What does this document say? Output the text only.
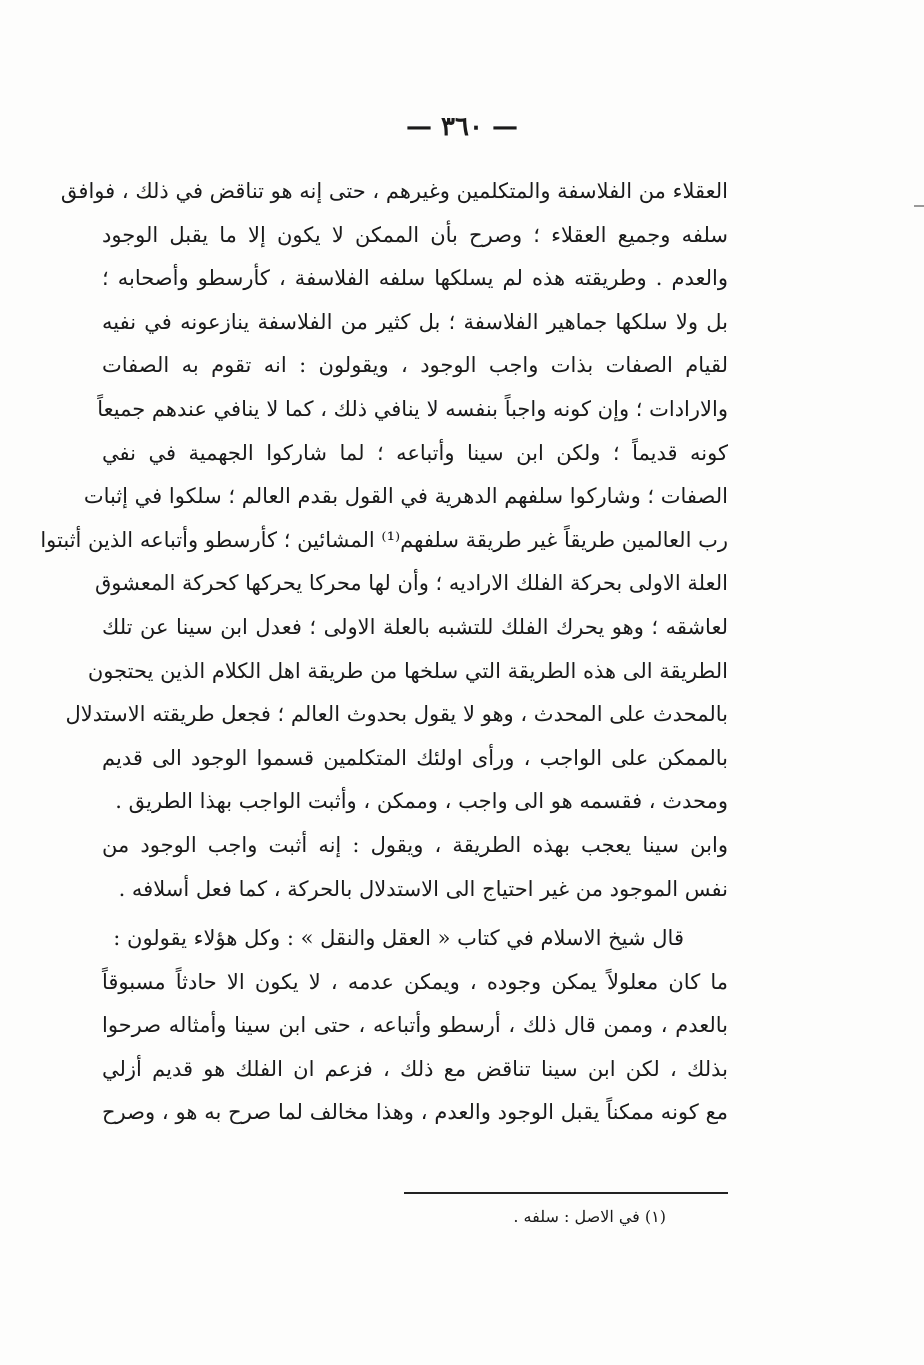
— ٣٦٠ —
العقلاء من الفلاسفة والمتكلمين وغيرهم ، حتى إنه هو تناقض في ذلك ، فوافق
سلفه وجميع العقلاء ؛ وصرح بأن الممكن لا يكون إلا ما يقبل الوجود
والعدم . وطريقته هذه لم يسلكها سلفه الفلاسفة ، كأرسطو وأصحابه ؛
بل ولا سلكها جماهير الفلاسفة ؛ بل كثير من الفلاسفة ينازعونه في نفيه
لقيام الصفات بذات واجب الوجود ، ويقولون : انه تقوم به الصفات
والارادات ؛ وإن كونه واجباً بنفسه لا ينافي ذلك ، كما لا ينافي عندهم جميعاً
كونه قديماً ؛ ولكن ابن سينا وأتباعه ؛ لما شاركوا الجهمية في نفي
الصفات ؛ وشاركوا سلفهم الدهرية في القول بقدم العالم ؛ سلكوا في إثبات
رب العالمين طريقاً غير طريقة سلفهم⁽¹⁾ المشائين ؛ كأرسطو وأتباعه الذين أثبتوا
العلة الاولى بحركة الفلك الاراديه ؛ وأن لها محركا يحركها كحركة المعشوق
لعاشقه ؛ وهو يحرك الفلك للتشبه بالعلة الاولى ؛ فعدل ابن سينا عن تلك
الطريقة الى هذه الطريقة التي سلخها من طريقة اهل الكلام الذين يحتجون
بالمحدث على المحدث ، وهو لا يقول بحدوث العالم ؛ فجعل طريقته الاستدلال
بالممكن على الواجب ، ورأى اولئك المتكلمين قسموا الوجود الى قديم
ومحدث ، فقسمه هو الى واجب ، وممكن ، وأثبت الواجب بهذا الطريق .
وابن سينا يعجب بهذه الطريقة ، ويقول : إنه أثبت واجب الوجود من
نفس الموجود من غير احتياج الى الاستدلال بالحركة ، كما فعل أسلافه .
قال شيخ الاسلام في كتاب « العقل والنقل » : وكل هؤلاء يقولون :
ما كان معلولاً يمكن وجوده ، ويمكن عدمه ، لا يكون الا حادثاً مسبوقاً
بالعدم ، وممن قال ذلك ، أرسطو وأتباعه ، حتى ابن سينا وأمثاله صرحوا
بذلك ، لكن ابن سينا تناقض مع ذلك ، فزعم ان الفلك هو قديم أزلي
مع كونه ممكناً يقبل الوجود والعدم ، وهذا مخالف لما صرح به هو ، وصرح
(١) في الاصل : سلفه .
